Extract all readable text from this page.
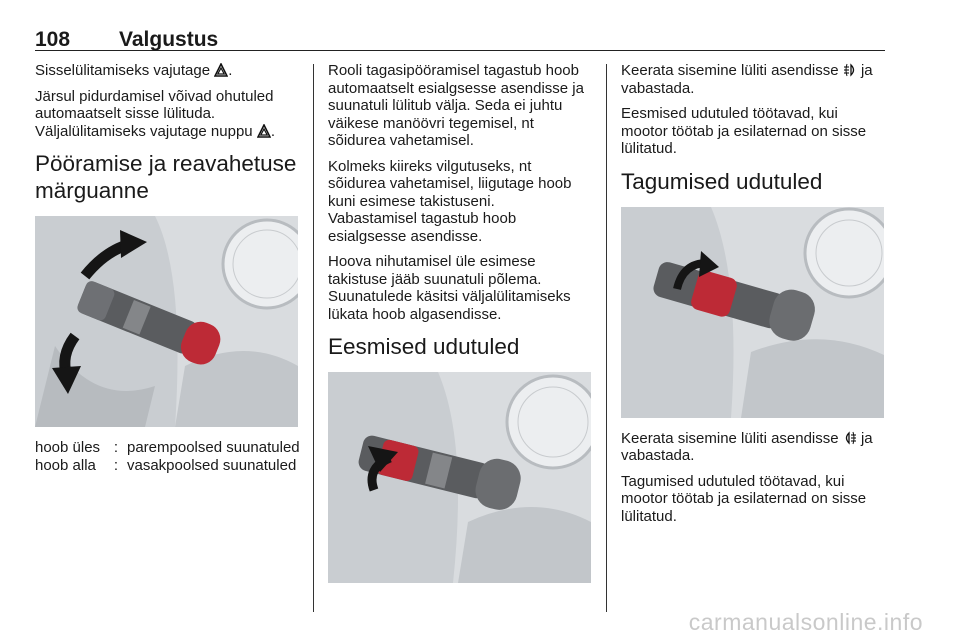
108 Valgustus

Sisselülitamiseks vajutage .

Järsul pidurdamisel võivad ohutuled automaatselt sisse lülituda.

Väljalülitamiseks vajutage nuppu .

Pööramise ja reavahetuse märguanne
hoob üles	:	parempoolsed suunatuled
hoob alla	:	vasakpoolsed suunatuled

Rooli tagasipööramisel tagastub hoob automaatselt esialgsesse asendisse ja suunatuli lülitub välja. Seda ei juhtu väikese manöövri tegemisel, nt sõidurea vahetamisel.

Kolmeks kiireks vilgutuseks, nt sõidurea vahetamisel, liigutage hoob kuni esimese takistuseni.

Vabastamisel tagastub hoob esialgsesse asendisse.

Hoova nihutamisel üle esimese takistuse jääb suunatuli põlema. Suunatulede käsitsi väljalülitamiseks lükata hoob algasendisse.

Eesmised udutuled

Keerata sisemine lüliti asendisse ja vabastada.

Eesmised udutuled töötavad, kui mootor töötab ja esilaternad on sisse lülitatud.

Tagumised udutuled

Keerata sisemine lüliti asendisse ja vabastada.

Tagumised udutuled töötavad, kui mootor töötab ja esilaternad on sisse lülitatud.

carmanualsonline.info
